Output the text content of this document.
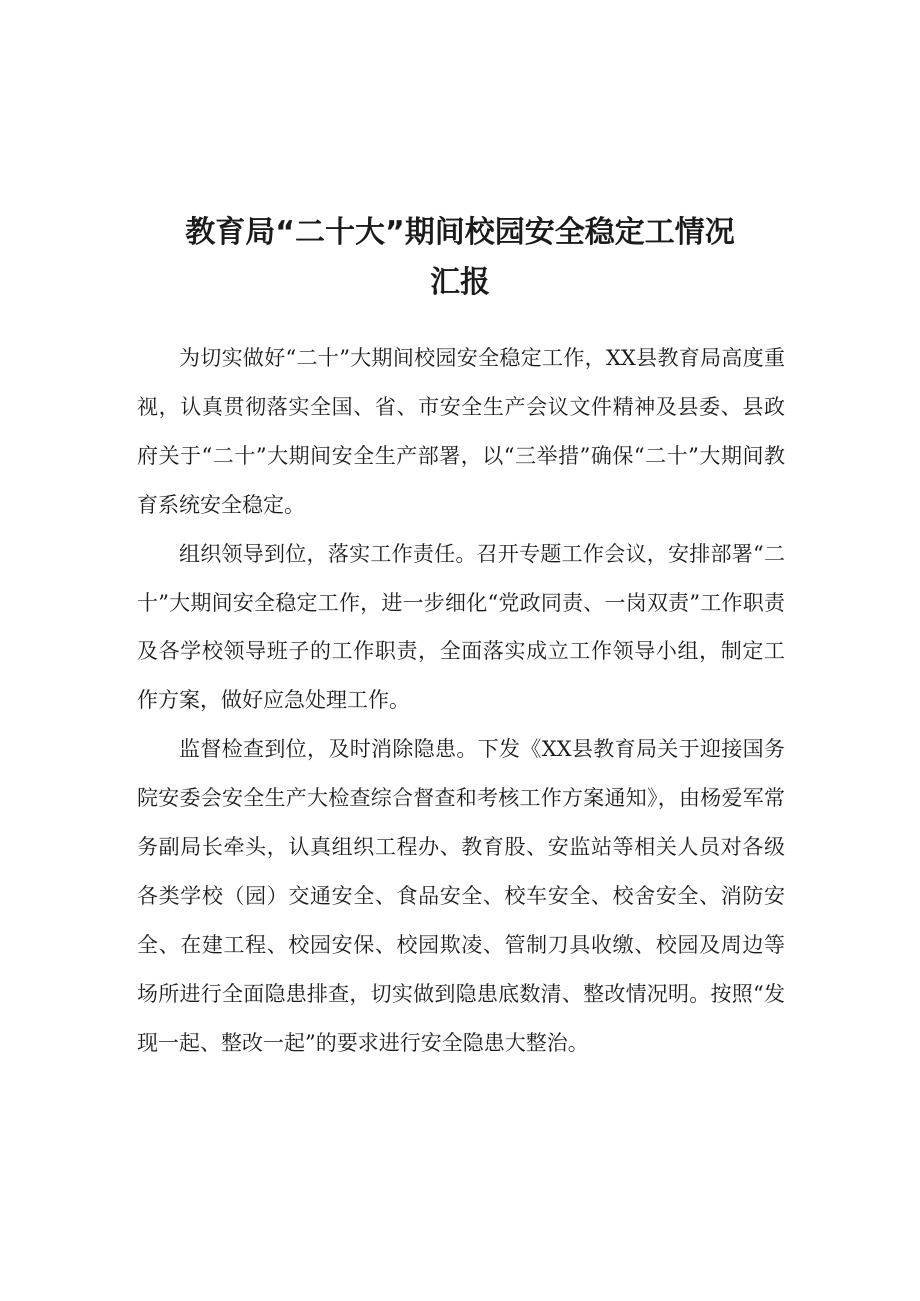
教育局“二十大”期间校园安全稳定工情况
汇报

为切实做好“二十”大期间校园安全稳定工作，XX县教育局高度重视，认真贯彻落实全国、省、市安全生产会议文件精神及县委、县政府关于“二十”大期间安全生产部署，以“三举措”确保“二十”大期间教育系统安全稳定。

组织领导到位，落实工作责任。召开专题工作会议，安排部署“二十”大期间安全稳定工作，进一步细化“党政同责、一岗双责”工作职责及各学校领导班子的工作职责，全面落实成立工作领导小组，制定工作方案，做好应急处理工作。

监督检查到位，及时消除隐患。下发《XX县教育局关于迎接国务院安委会安全生产大检查综合督查和考核工作方案通知》，由杨爱军常务副局长牵头，认真组织工程办、教育股、安监站等相关人员对各级各类学校（园）交通安全、食品安全、校车安全、校舍安全、消防安全、在建工程、校园安保、校园欺凌、管制刀具收缴、校园及周边等场所进行全面隐患排查，切实做到隐患底数清、整改情况明。按照“发现一起、整改一起”的要求进行安全隐患大整治。
